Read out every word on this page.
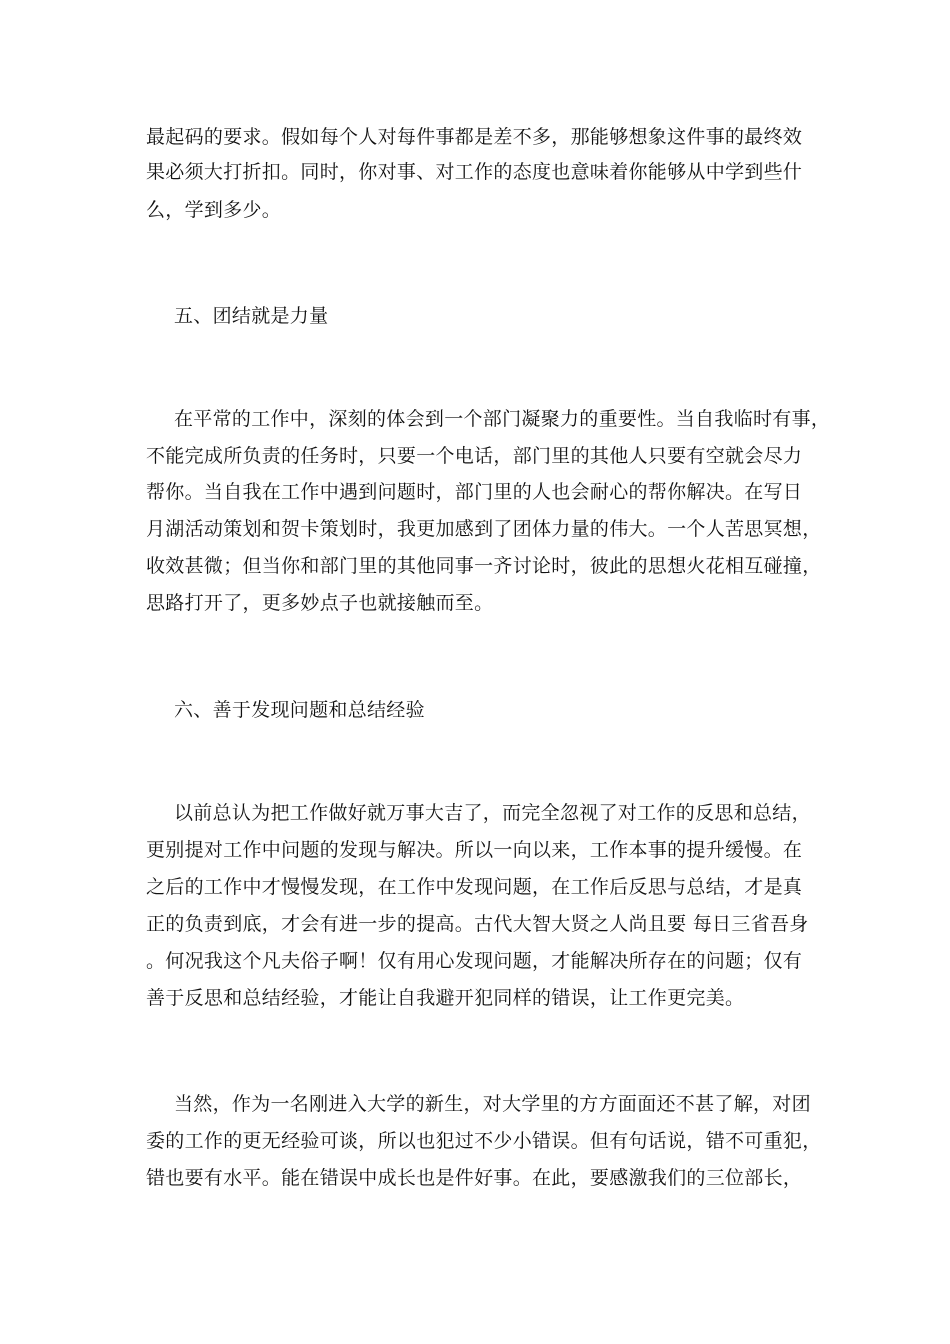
最起码的要求。假如每个人对每件事都是差不多，那能够想象这件事的最终效
果必须大打折扣。同时，你对事、对工作的态度也意味着你能够从中学到些什
么，学到多少。
五、团结就是力量
在平常的工作中，深刻的体会到一个部门凝聚力的重要性。当自我临时有事，
不能完成所负责的任务时，只要一个电话，部门里的其他人只要有空就会尽力
帮你。当自我在工作中遇到问题时，部门里的人也会耐心的帮你解决。在写日
月湖活动策划和贺卡策划时，我更加感到了团体力量的伟大。一个人苦思冥想，
收效甚微；但当你和部门里的其他同事一齐讨论时，彼此的思想火花相互碰撞，
思路打开了，更多妙点子也就接触而至。
六、善于发现问题和总结经验
以前总认为把工作做好就万事大吉了，而完全忽视了对工作的反思和总结，
更别提对工作中问题的发现与解决。所以一向以来，工作本事的提升缓慢。在
之后的工作中才慢慢发现，在工作中发现问题，在工作后反思与总结，才是真
正的负责到底，才会有进一步的提高。古代大智大贤之人尚且要 每日三省吾身
。何况我这个凡夫俗子啊！仅有用心发现问题，才能解决所存在的问题；仅有
善于反思和总结经验，才能让自我避开犯同样的错误，让工作更完美。
当然，作为一名刚进入大学的新生，对大学里的方方面面还不甚了解，对团
委的工作的更无经验可谈，所以也犯过不少小错误。但有句话说，错不可重犯，
错也要有水平。能在错误中成长也是件好事。在此，要感激我们的三位部长，
